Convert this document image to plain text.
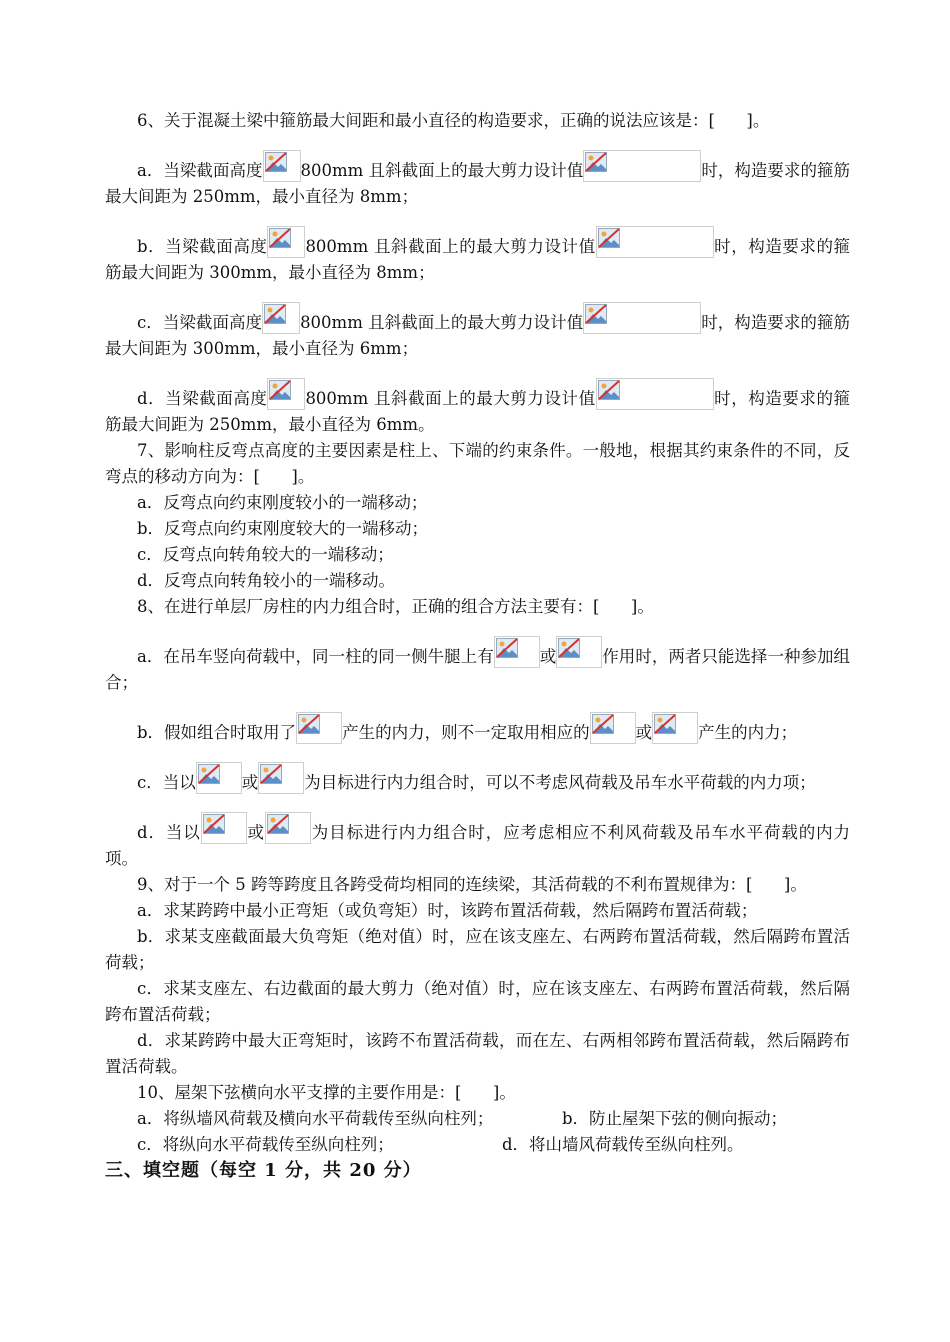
6、关于混凝土梁中箍筋最大间距和最小直径的构造要求，正确的说法应该是：[      ]。

a．当梁截面高度 800mm 且斜截面上的最大剪力设计值	时，构造要求的箍筋最大间距为 250mm，最小直径为 8mm；

b．当梁截面高度 800mm 且斜截面上的最大剪力设计值	时，构造要求的箍筋最大间距为 300mm，最小直径为 8mm；

c．当梁截面高度 800mm 且斜截面上的最大剪力设计值	时，构造要求的箍筋最大间距为 300mm，最小直径为 6mm；

d．当梁截面高度 800mm 且斜截面上的最大剪力设计值	时，构造要求的箍筋最大间距为 250mm，最小直径为 6mm。

7、影响柱反弯点高度的主要因素是柱上、下端的约束条件。一般地，根据其约束条件的不同，反弯点的移动方向为：[      ]。

a．反弯点向约束刚度较小的一端移动；

b．反弯点向约束刚度较大的一端移动；

c．反弯点向转角较大的一端移动；

d．反弯点向转角较小的一端移动。

8、在进行单层厂房柱的内力组合时，正确的组合方法主要有：[      ]。

a．在吊车竖向荷载中，同一柱的同一侧牛腿上有	或	作用时，两者只能选择一种参加组合；

b．假如组合时取用了	产生的内力，则不一定取用相应的	或	产生的内力；

c．当以	或	为目标进行内力组合时，可以不考虑风荷载及吊车水平荷载的内力项；

d．当以	或	为目标进行内力组合时，应考虑相应不利风荷载及吊车水平荷载的内力项。

9、对于一个 5 跨等跨度且各跨受荷均相同的连续梁，其活荷载的不利布置规律为：[      ]。

a．求某跨跨中最小正弯矩（或负弯矩）时，该跨布置活荷载，然后隔跨布置活荷载；

b．求某支座截面最大负弯矩（绝对值）时，应在该支座左、右两跨布置活荷载，然后隔跨布置活荷载；

c．求某支座左、右边截面的最大剪力（绝对值）时，应在该支座左、右两跨布置活荷载，然后隔跨布置活荷载；

d．求某跨跨中最大正弯矩时，该跨不布置活荷载，而在左、右两相邻跨布置活荷载，然后隔跨布置活荷载。

10、屋架下弦横向水平支撑的主要作用是：[      ]。

a．将纵墙风荷载及横向水平荷载传至纵向柱列；	b．防止屋架下弦的侧向振动；

c．将纵向水平荷载传至纵向柱列；	d．将山墙风荷载传至纵向柱列。

三、填空题（每空 1 分，共 20 分）
